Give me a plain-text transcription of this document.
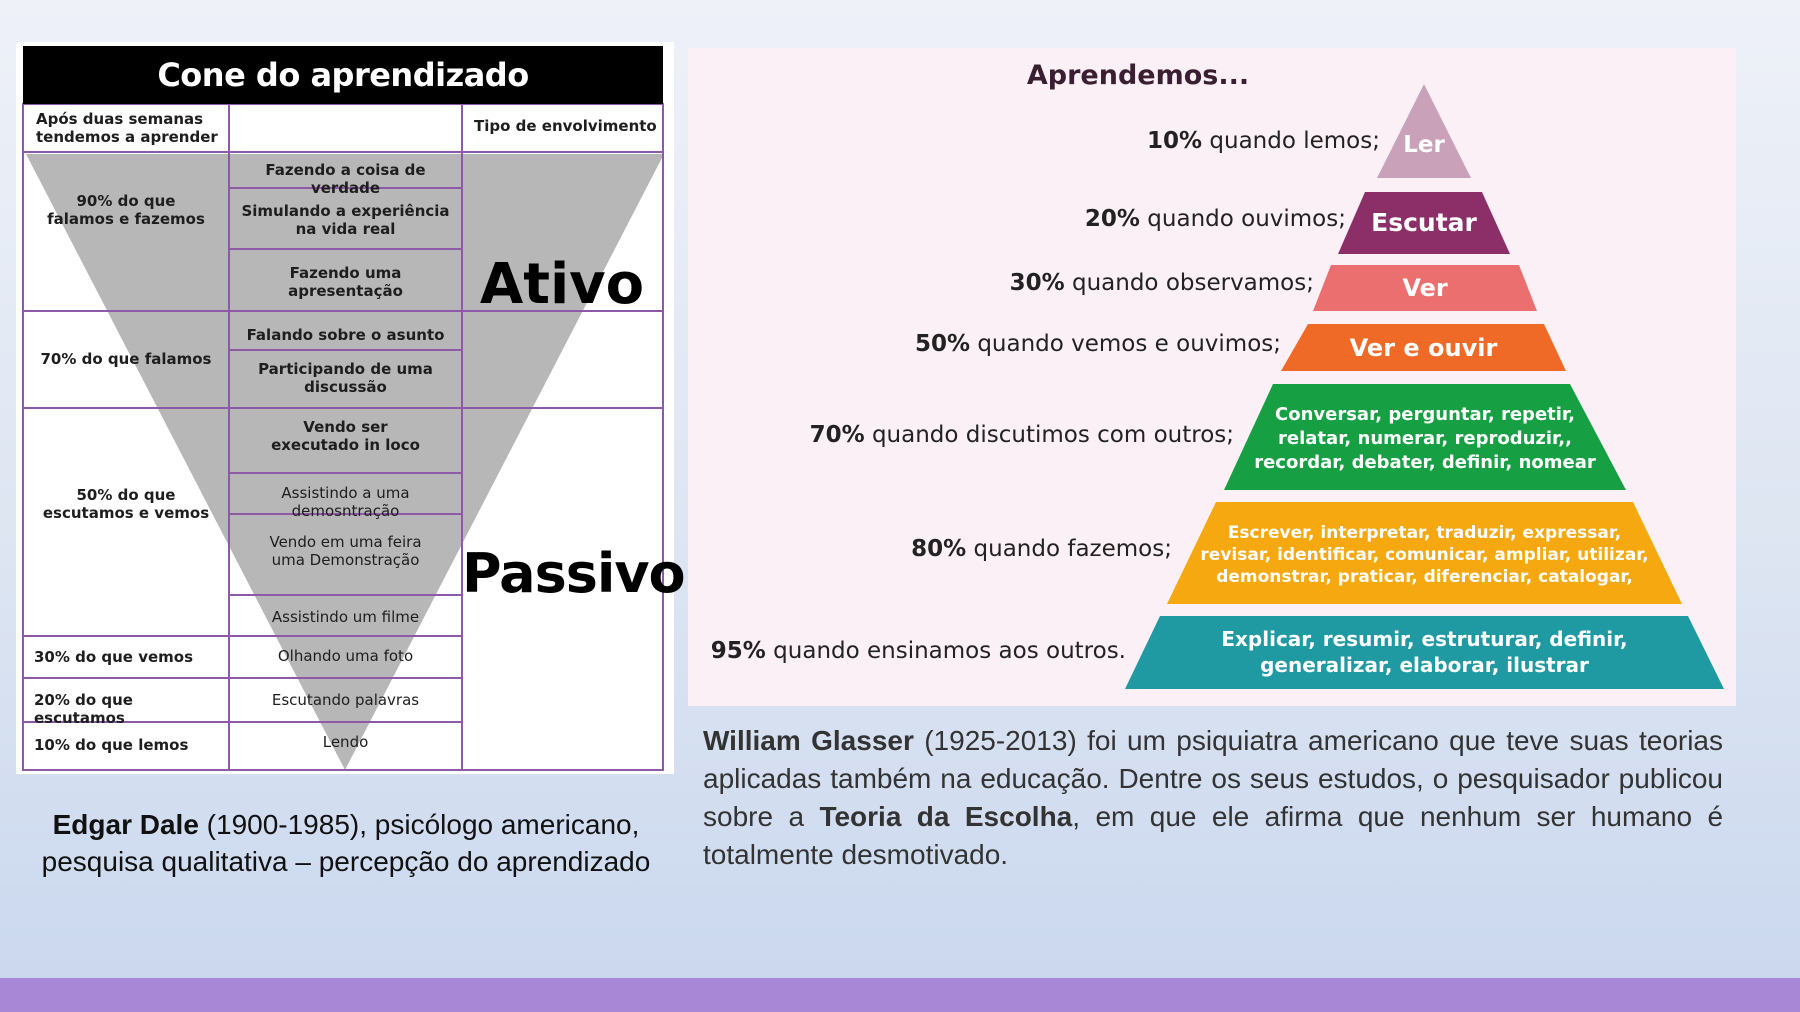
Cone do aprendizado
Após duas semanas
tendemos a aprender
Tipo de envolvimento
90% do que
falamos e fazemos
70% do que falamos
50% do que
escutamos e vemos
30% do que vemos
20% do que escutamos
10% do que lemos
Fazendo a coisa de verdade
Simulando a experiência
na vida real
Fazendo uma
apresentação
Falando sobre o asunto
Participando de uma
discussão
Vendo ser
executado in loco
Assistindo a uma demosntração
Vendo em uma feira
uma Demonstração
Assistindo um filme
Olhando uma foto
Escutando palavras
Lendo
Ativo
Passivo
Aprendemos...
10% quando lemos;
20% quando ouvimos;
30% quando observamos;
50% quando vemos e ouvimos;
70% quando discutimos com outros;
80% quando fazemos;
95% quando ensinamos aos outros.
Ler
Escutar
Ver
Ver e ouvir
Conversar, perguntar, repetir,
relatar, numerar, reproduzir,,
recordar, debater, definir, nomear
Escrever, interpretar, traduzir, expressar,
revisar, identificar, comunicar, ampliar, utilizar,
demonstrar, praticar, diferenciar, catalogar,
Explicar, resumir, estruturar, definir,
generalizar, elaborar, ilustrar
Edgar Dale (1900-1985), psicólogo americano, pesquisa qualitativa – percepção do aprendizado
William Glasser (1925-2013) foi um psiquiatra americano que teve suas teorias aplicadas também na educação. Dentre os seus estudos, o pesquisador publicou sobre a Teoria da Escolha, em que ele afirma que nenhum ser humano é totalmente desmotivado.
